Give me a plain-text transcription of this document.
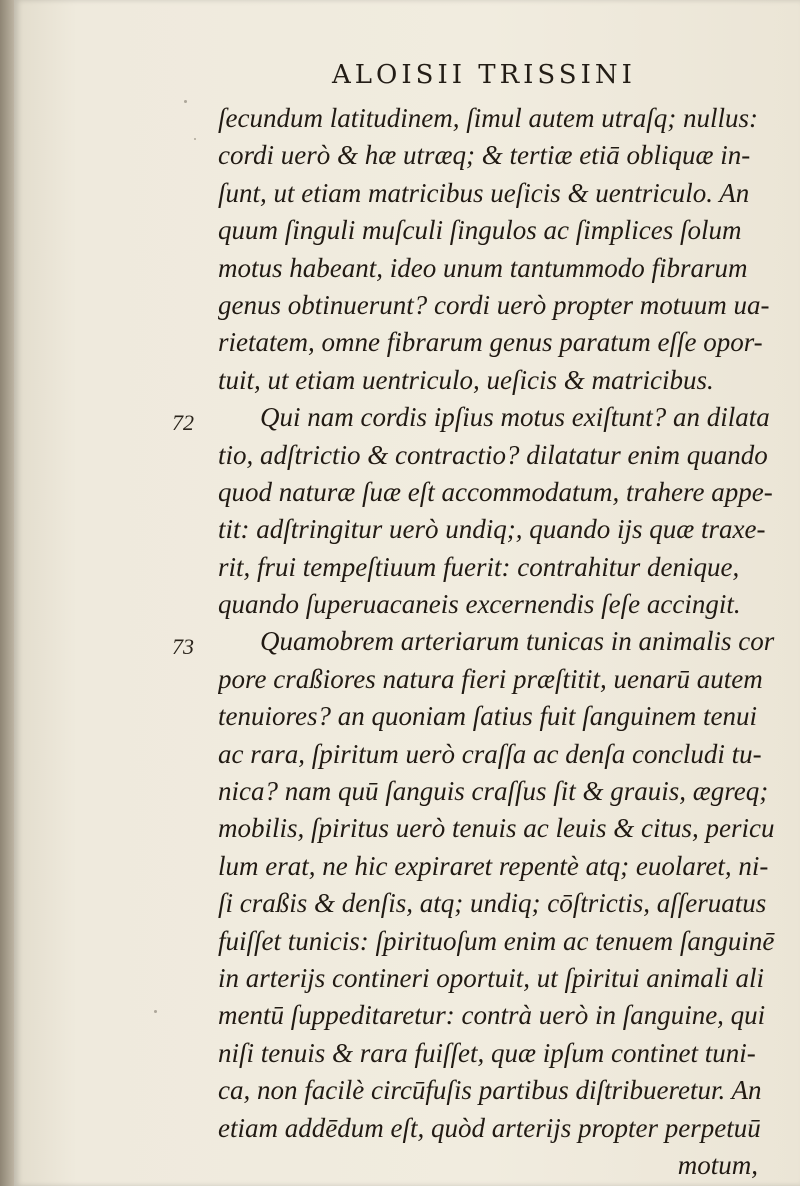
ALOISII TRISSINI
72
73
ſecundum latitudinem, ſimul autem utraſq; nullus:
cordi uerò & hæ utræq; & tertiæ etiā obliquæ in-
ſunt, ut etiam matricibus ueſicis & uentriculo. An
quum ſinguli muſculi ſingulos ac ſimplices ſolum
motus habeant, ideo unum tantummodo fibrarum
genus obtinuerunt? cordi uerò propter motuum ua-
rietatem, omne fibrarum genus paratum eſſe opor-
tuit, ut etiam uentriculo, ueſicis & matricibus.
Qui nam cordis ipſius motus exiſtunt? an dilata
tio, adſtrictio & contractio? dilatatur enim quando
quod naturæ ſuæ eſt accommodatum, trahere appe-
tit: adſtringitur uerò undiq;, quando ijs quæ traxe-
rit, frui tempeſtiuum fuerit: contrahitur denique,
quando ſuperuacaneis excernendis ſeſe accingit.
Quamobrem arteriarum tunicas in animalis cor
pore craßiores natura fieri præſtitit, uenarū autem
tenuiores? an quoniam ſatius fuit ſanguinem tenui
ac rara, ſpiritum uerò craſſa ac denſa concludi tu-
nica? nam quū ſanguis craſſus ſit & grauis, ægreq;
mobilis, ſpiritus uerò tenuis ac leuis & citus, pericu
lum erat, ne hic expiraret repentè atq; euolaret, ni-
ſi craßis & denſis, atq; undiq; cōſtrictis, aſſeruatus
fuiſſet tunicis: ſpirituoſum enim ac tenuem ſanguinē
in arterijs contineri oportuit, ut ſpiritui animali ali
mentū ſuppeditaretur: contrà uerò in ſanguine, qui
niſi tenuis & rara fuiſſet, quæ ipſum continet tuni-
ca, non facilè circūfuſis partibus diſtribueretur. An
etiam addēdum eſt, quòd arterijs propter perpetuū
motum,
